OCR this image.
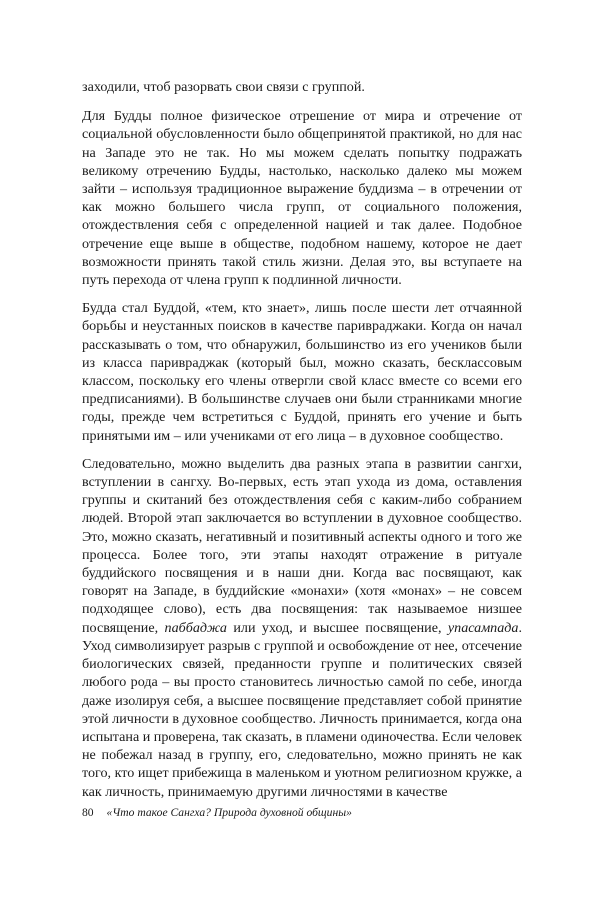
заходили, чтоб разорвать свои связи с группой.

Для Будды полное физическое отрешение от мира и отречение от социальной обусловленности было общепринятой практикой, но для нас на Западе это не так. Но мы можем сделать попытку подражать великому отречению Будды, настолько, насколько далеко мы можем зайти – используя традиционное выражение буддизма – в отречении от как можно большего числа групп, от социального положения, отождествления себя с определенной нацией и так далее. Подобное отречение еще выше в обществе, подобном нашему, которое не дает возможности принять такой стиль жизни. Делая это, вы вступаете на путь перехода от члена групп к подлинной личности.

Будда стал Буддой, «тем, кто знает», лишь после шести лет отчаянной борьбы и неустанных поисков в качестве паривраджаки. Когда он начал рассказывать о том, что обнаружил, большинство из его учеников были из класса паривраджак (который был, можно сказать, бесклассовым классом, поскольку его члены отвергли свой класс вместе со всеми его предписаниями). В большинстве случаев они были странниками многие годы, прежде чем встретиться с Буддой, принять его учение и быть принятыми им – или учениками от его лица – в духовное сообщество.

Следовательно, можно выделить два разных этапа в развитии сангхи, вступлении в сангху. Во-первых, есть этап ухода из дома, оставления группы и скитаний без отождествления себя с каким-либо собранием людей. Второй этап заключается во вступлении в духовное сообщество. Это, можно сказать, негативный и позитивный аспекты одного и того же процесса. Более того, эти этапы находят отражение в ритуале буддийского посвящения и в наши дни. Когда вас посвящают, как говорят на Западе, в буддийские «монахи» (хотя «монах» – не совсем подходящее слово), есть два посвящения: так называемое низшее посвящение, паббаджа или уход, и высшее посвящение, упасампада. Уход символизирует разрыв с группой и освобождение от нее, отсечение биологических связей, преданности группе и политических связей любого рода – вы просто становитесь личностью самой по себе, иногда даже изолируя себя, а высшее посвящение представляет собой принятие этой личности в духовное сообщество. Личность принимается, когда она испытана и проверена, так сказать, в пламени одиночества. Если человек не побежал назад в группу, его, следовательно, можно принять не как того, кто ищет прибежища в маленьком и уютном религиозном кружке, а как личность, принимаемую другими личностями в качестве

80 «Что такое Сангха? Природа духовной общины»
